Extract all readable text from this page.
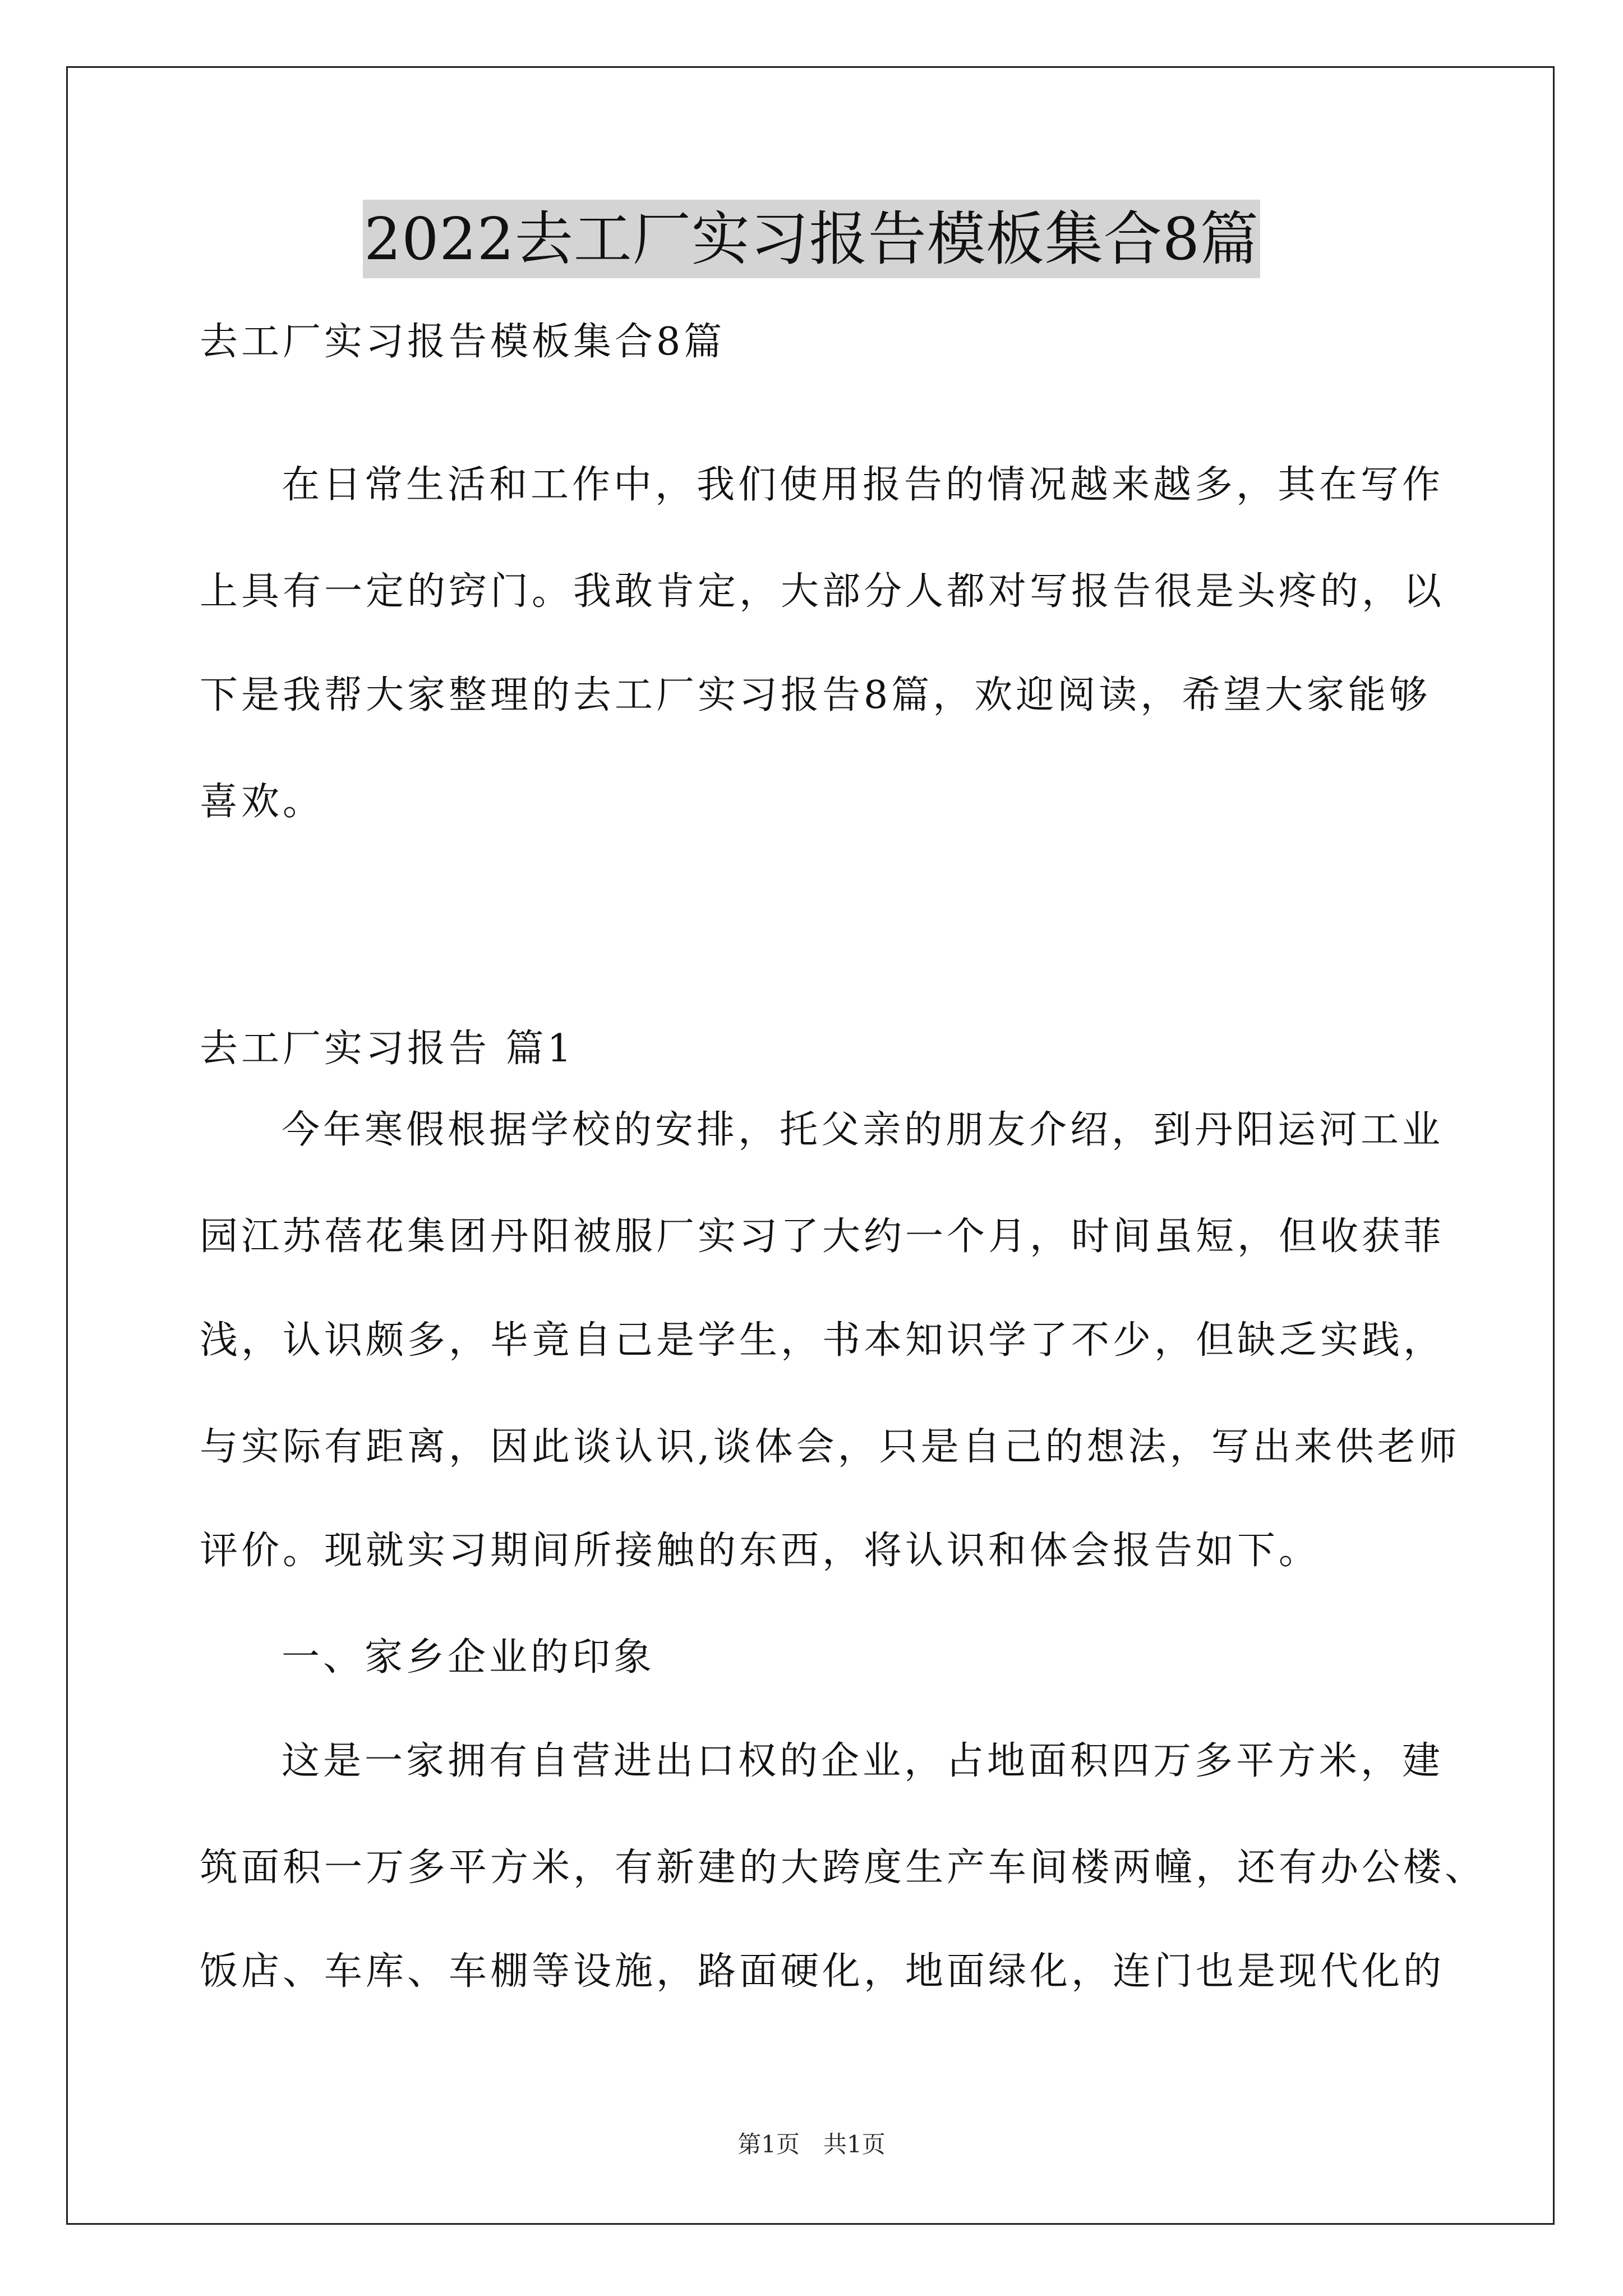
2022去工厂实习报告模板集合8篇
去工厂实习报告模板集合8篇
在日常生活和工作中，我们使用报告的情况越来越多，其在写作
上具有一定的窍门。我敢肯定，大部分人都对写报告很是头疼的，以
下是我帮大家整理的去工厂实习报告8篇，欢迎阅读，希望大家能够
喜欢。
去工厂实习报告 篇1
今年寒假根据学校的安排，托父亲的朋友介绍，到丹阳运河工业
园江苏蓓花集团丹阳被服厂实习了大约一个月，时间虽短，但收获菲
浅，认识颇多，毕竟自己是学生，书本知识学了不少，但缺乏实践，
与实际有距离，因此谈认识,谈体会，只是自己的想法，写出来供老师
评价。现就实习期间所接触的东西，将认识和体会报告如下。
一、家乡企业的印象
这是一家拥有自营进出口权的企业，占地面积四万多平方米，建
筑面积一万多平方米，有新建的大跨度生产车间楼两幢，还有办公楼、
饭店、车库、车棚等设施，路面硬化，地面绿化，连门也是现代化的
第1页　共1页
